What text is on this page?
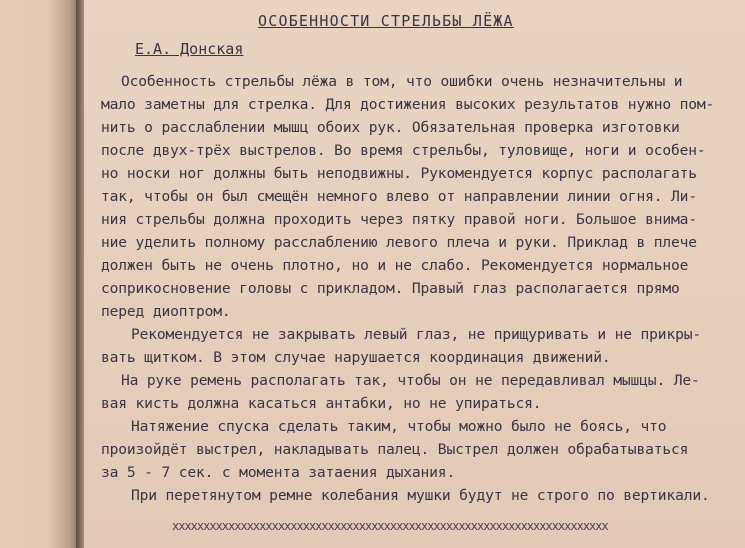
ОСОБЕННОСТИ СТРЕЛЬБЫ ЛЁЖА
Е.А. Донская
Особенность стрельбы лёжа в том, что ошибки очень незначительны и
мало заметны для стрелка. Для достижения высоких результатов нужно пом-
нить о расслаблении мышц обоих рук. Обязательная проверка изготовки
после двух-трёх выстрелов. Во время стрельбы, туловище, ноги и особен-
но носки ног должны быть неподвижны. Рукомендуется корпус располагать
так, чтобы он был смещён немного влево от направлении линии огня. Ли-
ния стрельбы должна проходить через пятку правой ноги. Большое внима-
ние уделить полному расслаблению левого плеча и руки. Приклад в плече
должен быть не очень плотно, но и не слабо. Рекомендуется нормальное
соприкосновение головы с прикладом. Правый глаз располагается прямо
перед диоптром.
Рекомендуется не закрывать левый глаз, не прищуривать и не прикры-
вать щитком. В этом случае нарушается координация движений.
На руке ремень располагать так, чтобы он не передавливал мышцы. Ле-
вая кисть должна касаться антабки, но не упираться.
Натяжение спуска сделать таким, чтобы можно было не боясь, что
произойдёт выстрел, накладывать палец. Выстрел должен обрабатываться
за 5 - 7 сек. с момента затаения дыхания.
При перетянутом ремне колебания мушки будут не строго по вертикали.
xxxxxxxxxxxxxxxxxxxxxxxxxxxxxxxxxxxxxxxxxxxxxxxxxxxxxxxxxxxxxxxxxxxxxx
